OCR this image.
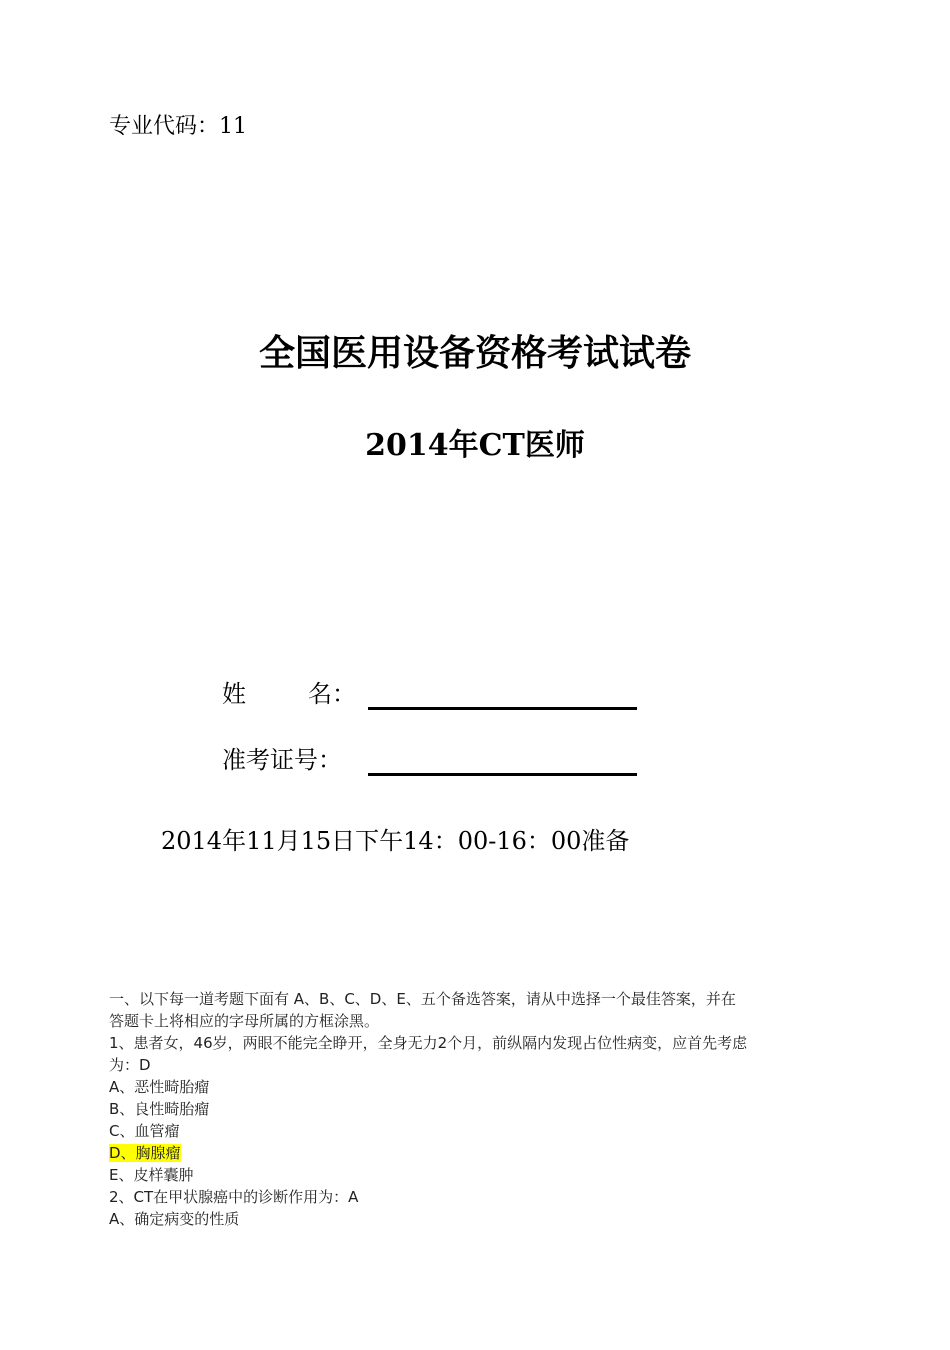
专业代码：11
全国医用设备资格考试试卷
2014年CT医师
姓	名：
准考证号：
2014年11月15日下午14：00-16：00准备
一、以下每一道考题下面有 A、B、C、D、E、五个备选答案，请从中选择一个最佳答案，并在
答题卡上将相应的字母所属的方框涂黑。
1、患者女，46岁，两眼不能完全睁开，全身无力2个月，前纵隔内发现占位性病变，应首先考虑
为：D
A、恶性畸胎瘤
B、良性畸胎瘤
C、血管瘤
D、胸腺瘤
E、皮样囊肿
2、CT在甲状腺癌中的诊断作用为：A
A、确定病变的性质
